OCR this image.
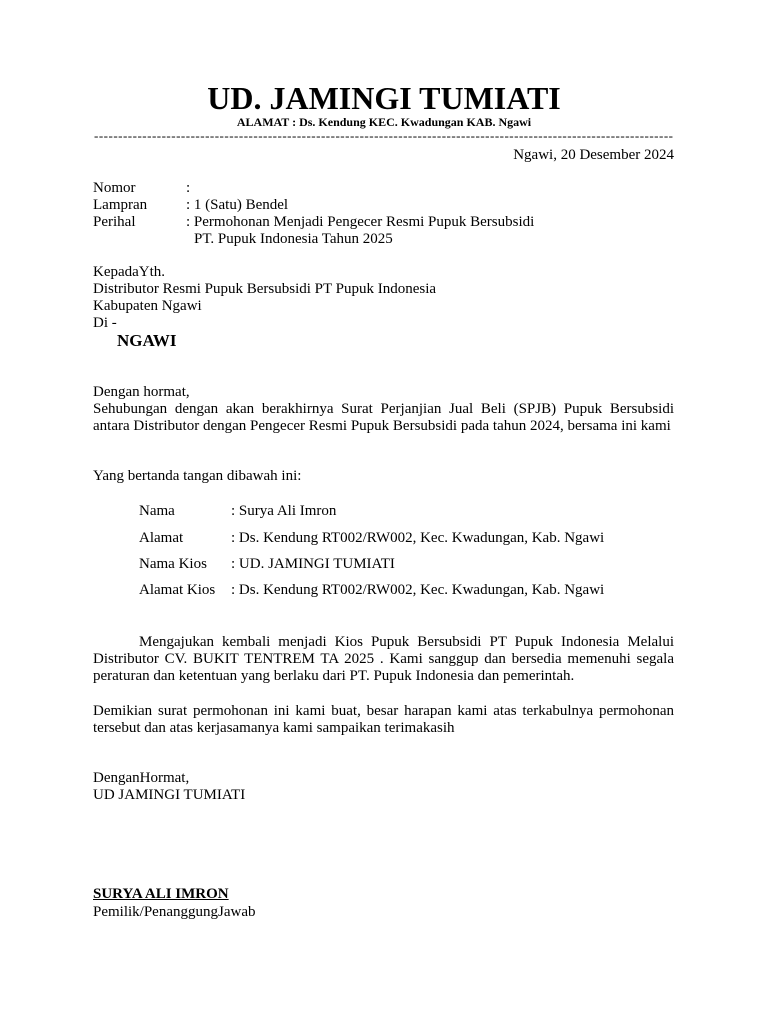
UD. JAMINGI TUMIATI
ALAMAT : Ds. Kendung KEC. Kwadungan KAB. Ngawi
------------------------------------------------------------------------------------------------------------------------
Ngawi, 20 Desember 2024
Nomor	:
Lampran	: 1 (Satu) Bendel
Perihal	: Permohonan Menjadi Pengecer Resmi Pupuk Bersubsidi
PT. Pupuk Indonesia Tahun 2025
KepadaYth.
Distributor Resmi Pupuk Bersubsidi PT Pupuk Indonesia
Kabupaten Ngawi
Di -
NGAWI
Dengan hormat,
Sehubungan dengan akan berakhirnya Surat Perjanjian Jual Beli (SPJB) Pupuk Bersubsidi antara Distributor dengan Pengecer Resmi Pupuk Bersubsidi pada tahun 2024, bersama ini kami
Yang bertanda tangan dibawah ini:
Nama	: Surya Ali Imron
Alamat	: Ds. Kendung RT002/RW002, Kec. Kwadungan, Kab. Ngawi
Nama Kios : UD. JAMINGI TUMIATI
Alamat Kios : Ds. Kendung RT002/RW002, Kec. Kwadungan, Kab. Ngawi
Mengajukan kembali menjadi Kios Pupuk Bersubsidi PT Pupuk Indonesia Melalui Distributor CV. BUKIT TENTREM TA 2025 . Kami sanggup dan bersedia memenuhi segala peraturan dan ketentuan yang berlaku dari PT. Pupuk Indonesia dan pemerintah.
Demikian surat permohonan ini kami buat, besar harapan kami atas terkabulnya permohonan tersebut dan atas kerjasamanya kami sampaikan terimakasih
DenganHormat,
UD JAMINGI TUMIATI
SURYA ALI IMRON
Pemilik/PenanggungJawab
